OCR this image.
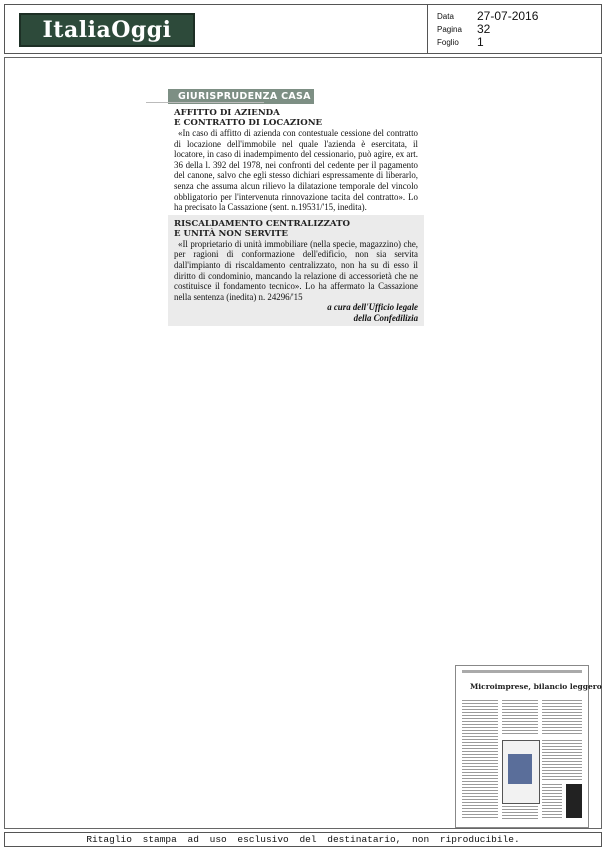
ItaliaOggi
Data 27-07-2016
Pagina 32
Foglio 1
GIURISPRUDENZA CASA

AFFITTO DI AZIENDA
E CONTRATTO DI LOCAZIONE

«In caso di affitto di azienda con contestuale cessione del contratto di locazione dell'immobile nel quale l'azienda è esercitata, il locatore, in caso di inadempimento del cessionario, può agire, ex art. 36 della l. 392 del 1978, nei confronti del cedente per il pagamento del canone, salvo che egli stesso dichiari espressamente di liberarlo, senza che assuma alcun rilievo la dilatazione temporale del vincolo obbligatorio per l'intervenuta rinnovazione tacita del contratto». Lo ha precisato la Cassazione (sent. n.19531/'15, inedita).

RISCALDAMENTO CENTRALIZZATO
E UNITÀ NON SERVITE

«Il proprietario di unità immobiliare (nella specie, magazzino) che, per ragioni di conformazione dell'edificio, non sia servita dall'impianto di riscaldamento centralizzato, non ha su di esso il diritto di condominio, mancando la relazione di accessorietà che ne costituisce il fondamento tecnico». Lo ha affermato la Cassazione nella sentenza (inedita) n. 24296/'15

a cura dell'Ufficio legale
della Confedilizia

Microimprese, bilancio leggero
Ritaglio stampa ad uso esclusivo del destinatario, non riproducibile.
